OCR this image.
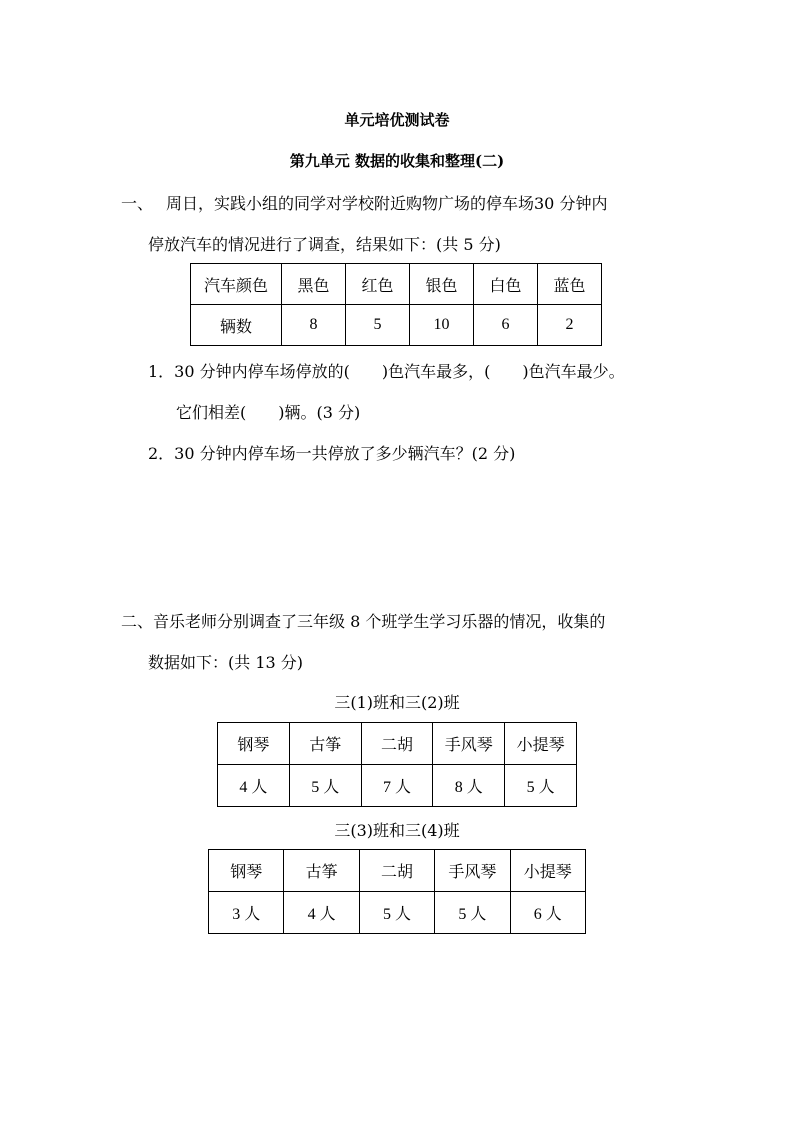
单元培优测试卷
第九单元 数据的收集和整理(二)
一、 周日，实践小组的同学对学校附近购物广场的停车场30 分钟内
停放汽车的情况进行了调查，结果如下：(共 5 分)
汽车颜色	黑色	红色	银色	白色	蓝色
辆数	8	5	10	6	2
1．30 分钟内停车场停放的(　　)色汽车最多，(　　)色汽车最少。
它们相差(　　)辆。(3 分)
2．30 分钟内停车场一共停放了多少辆汽车？(2 分)
二、音乐老师分别调查了三年级 8 个班学生学习乐器的情况，收集的
数据如下：(共 13 分)
三(1)班和三(2)班
钢琴	古筝	二胡	手风琴	小提琴
4 人	5 人	7 人	8 人	5 人
三(3)班和三(4)班
钢琴	古筝	二胡	手风琴	小提琴
3 人	4 人	5 人	5 人	6 人
